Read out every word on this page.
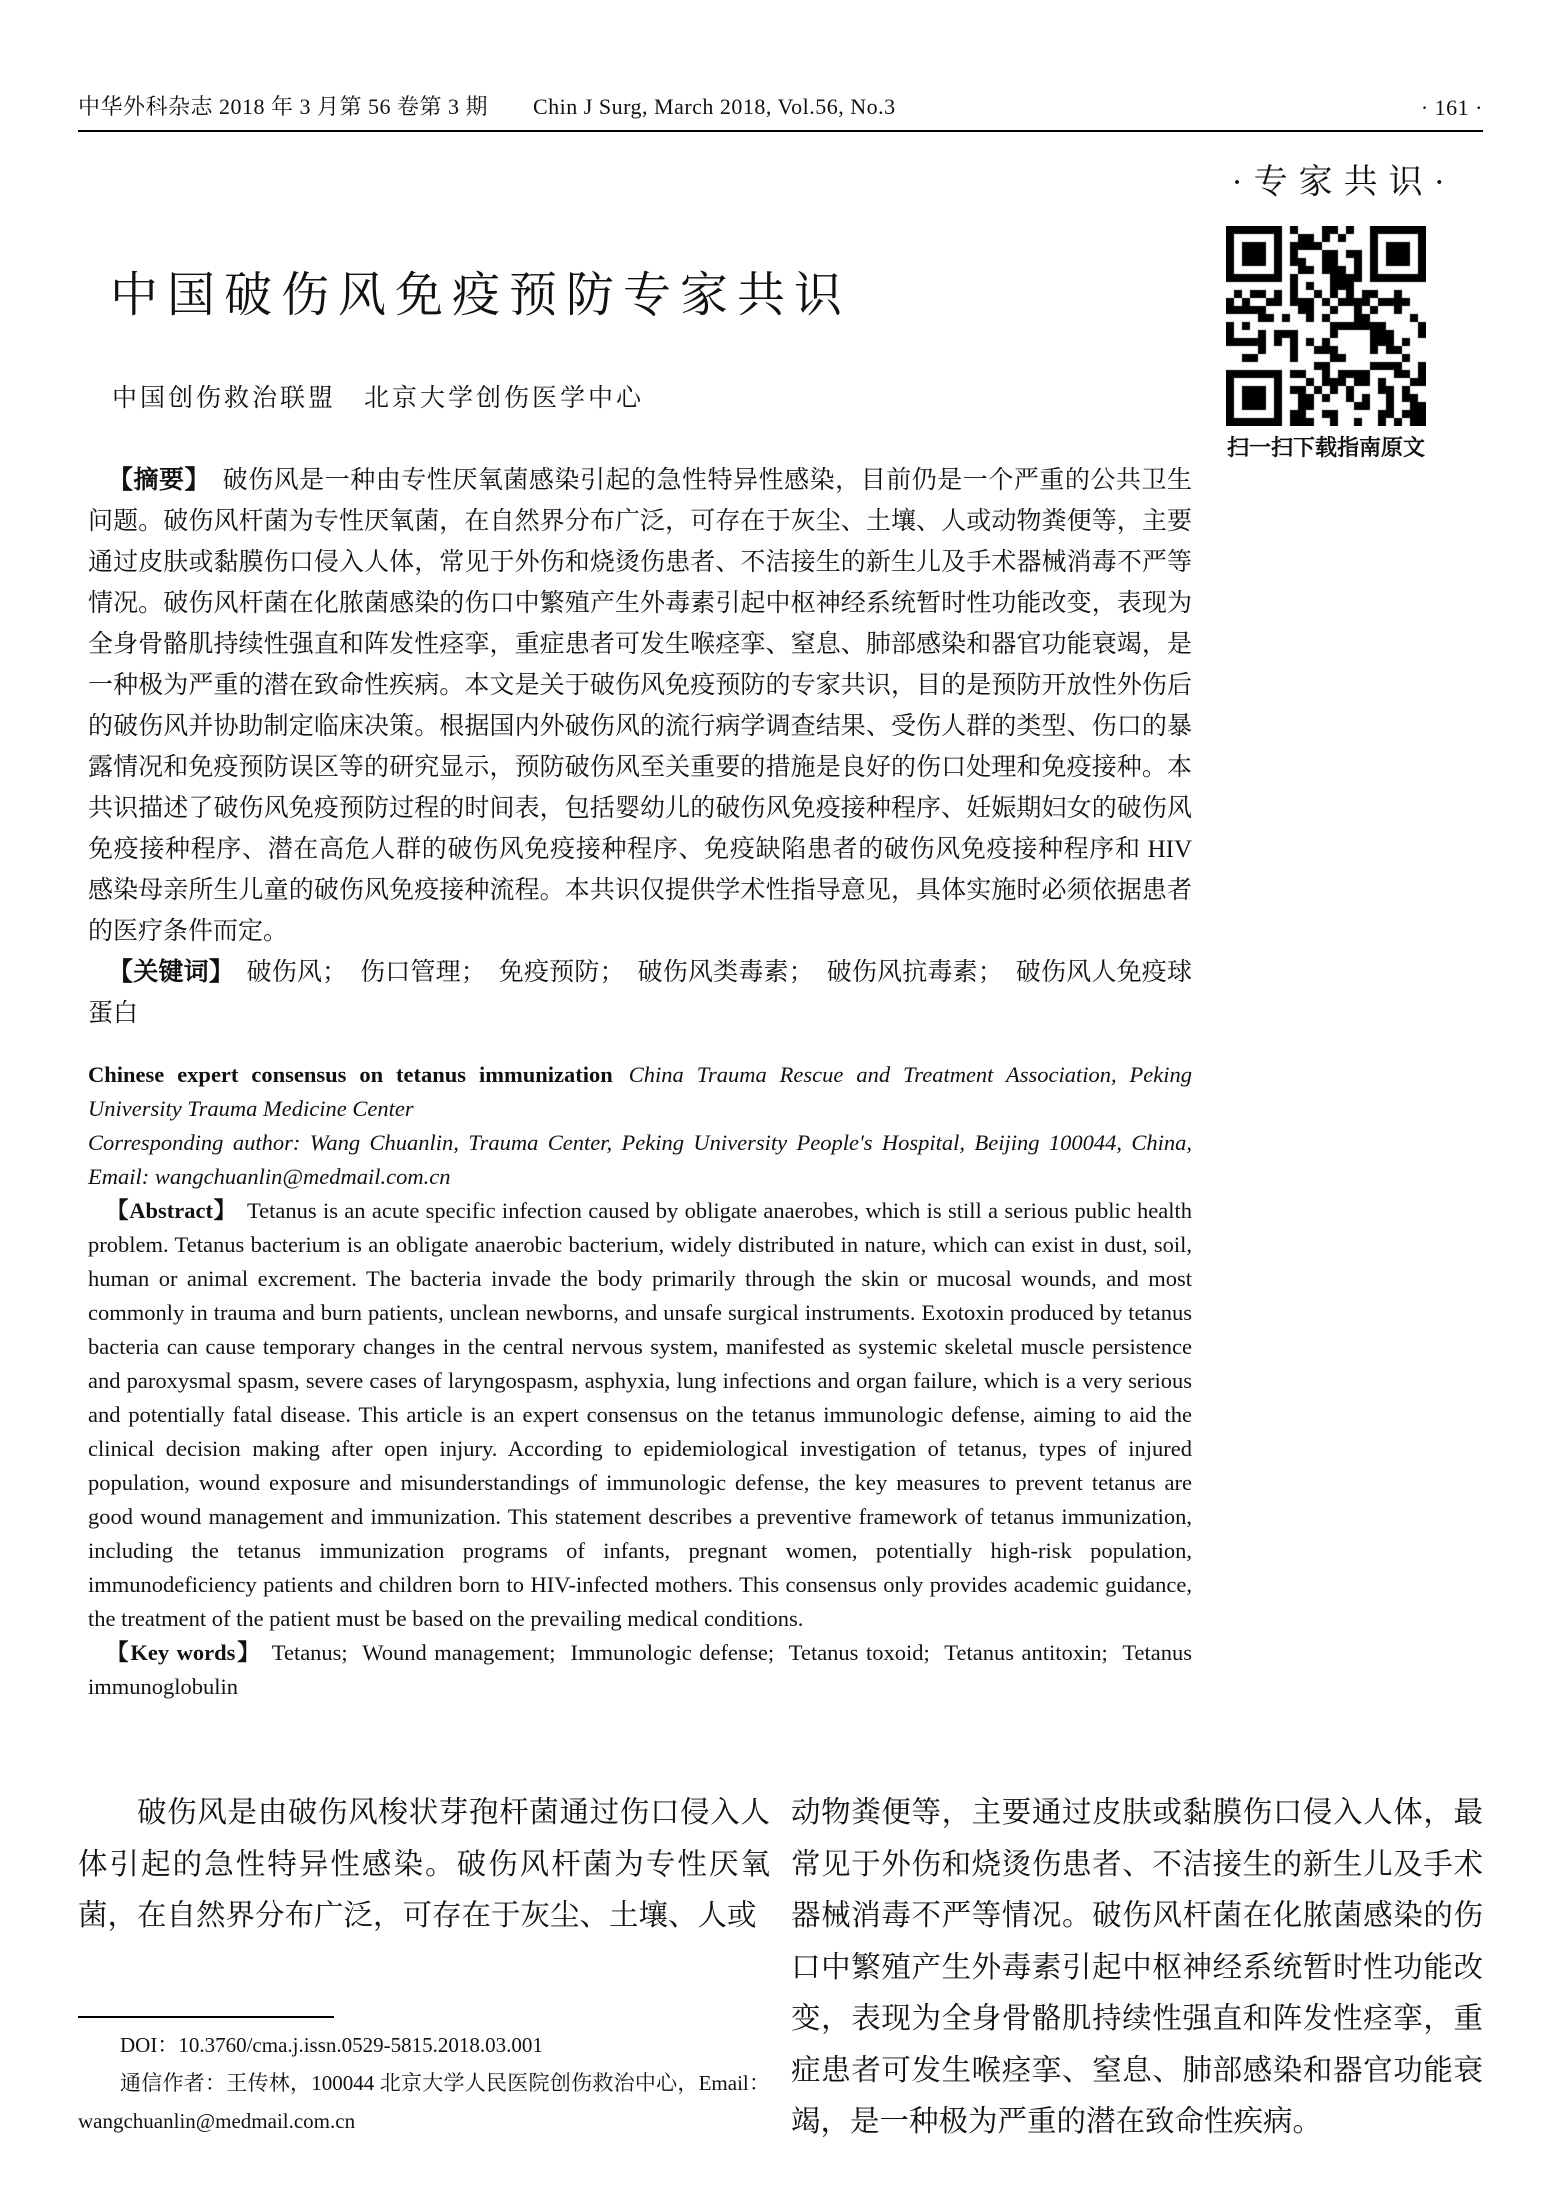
中华外科杂志 2018 年 3 月第 56 卷第 3 期　　Chin J Surg, March 2018, Vol.56, No.3	· 161 ·
·专家共识·
扫一扫下载指南原文
中国破伤风免疫预防专家共识
中国创伤救治联盟　北京大学创伤医学中心

【摘要】 破伤风是一种由专性厌氧菌感染引起的急性特异性感染，目前仍是一个严重的公共卫生问题。破伤风杆菌为专性厌氧菌，在自然界分布广泛，可存在于灰尘、土壤、人或动物粪便等，主要通过皮肤或黏膜伤口侵入人体，常见于外伤和烧烫伤患者、不洁接生的新生儿及手术器械消毒不严等情况。破伤风杆菌在化脓菌感染的伤口中繁殖产生外毒素引起中枢神经系统暂时性功能改变，表现为全身骨骼肌持续性强直和阵发性痉挛，重症患者可发生喉痉挛、窒息、肺部感染和器官功能衰竭，是一种极为严重的潜在致命性疾病。本文是关于破伤风免疫预防的专家共识，目的是预防开放性外伤后的破伤风并协助制定临床决策。根据国内外破伤风的流行病学调查结果、受伤人群的类型、伤口的暴露情况和免疫预防误区等的研究显示，预防破伤风至关重要的措施是良好的伤口处理和免疫接种。本共识描述了破伤风免疫预防过程的时间表，包括婴幼儿的破伤风免疫接种程序、妊娠期妇女的破伤风免疫接种程序、潜在高危人群的破伤风免疫接种程序、免疫缺陷患者的破伤风免疫接种程序和 HIV 感染母亲所生儿童的破伤风免疫接种流程。本共识仅提供学术性指导意见，具体实施时必须依据患者的医疗条件而定。

【关键词】 破伤风；　伤口管理；　免疫预防；　破伤风类毒素；　破伤风抗毒素；　破伤风人免疫球蛋白

Chinese expert consensus on tetanus immunization China Trauma Rescue and Treatment Association, Peking University Trauma Medicine Center

Corresponding author: Wang Chuanlin, Trauma Center, Peking University People's Hospital, Beijing 100044, China, Email: wangchuanlin@medmail.com.cn

【Abstract】 Tetanus is an acute specific infection caused by obligate anaerobes, which is still a serious public health problem. Tetanus bacterium is an obligate anaerobic bacterium, widely distributed in nature, which can exist in dust, soil, human or animal excrement. The bacteria invade the body primarily through the skin or mucosal wounds, and most commonly in trauma and burn patients, unclean newborns, and unsafe surgical instruments. Exotoxin produced by tetanus bacteria can cause temporary changes in the central nervous system, manifested as systemic skeletal muscle persistence and paroxysmal spasm, severe cases of laryngospasm, asphyxia, lung infections and organ failure, which is a very serious and potentially fatal disease. This article is an expert consensus on the tetanus immunologic defense, aiming to aid the clinical decision making after open injury. According to epidemiological investigation of tetanus, types of injured population, wound exposure and misunderstandings of immunologic defense, the key measures to prevent tetanus are good wound management and immunization. This statement describes a preventive framework of tetanus immunization, including the tetanus immunization programs of infants, pregnant women, potentially high-risk population, immunodeficiency patients and children born to HIV-infected mothers. This consensus only provides academic guidance, the treatment of the patient must be based on the prevailing medical conditions.

【Key words】 Tetanus;  Wound management;  Immunologic defense;  Tetanus toxoid;  Tetanus antitoxin;  Tetanus immunoglobulin

破伤风是由破伤风梭状芽孢杆菌通过伤口侵入人体引起的急性特异性感染。破伤风杆菌为专性厌氧菌，在自然界分布广泛，可存在于灰尘、土壤、人或

DOI：10.3760/cma.j.issn.0529-5815.2018.03.001

通信作者：王传林，100044 北京大学人民医院创伤救治中心，Email：wangchuanlin@medmail.com.cn

动物粪便等，主要通过皮肤或黏膜伤口侵入人体，最常见于外伤和烧烫伤患者、不洁接生的新生儿及手术器械消毒不严等情况。破伤风杆菌在化脓菌感染的伤口中繁殖产生外毒素引起中枢神经系统暂时性功能改变，表现为全身骨骼肌持续性强直和阵发性痉挛，重症患者可发生喉痉挛、窒息、肺部感染和器官功能衰竭，是一种极为严重的潜在致命性疾病。
